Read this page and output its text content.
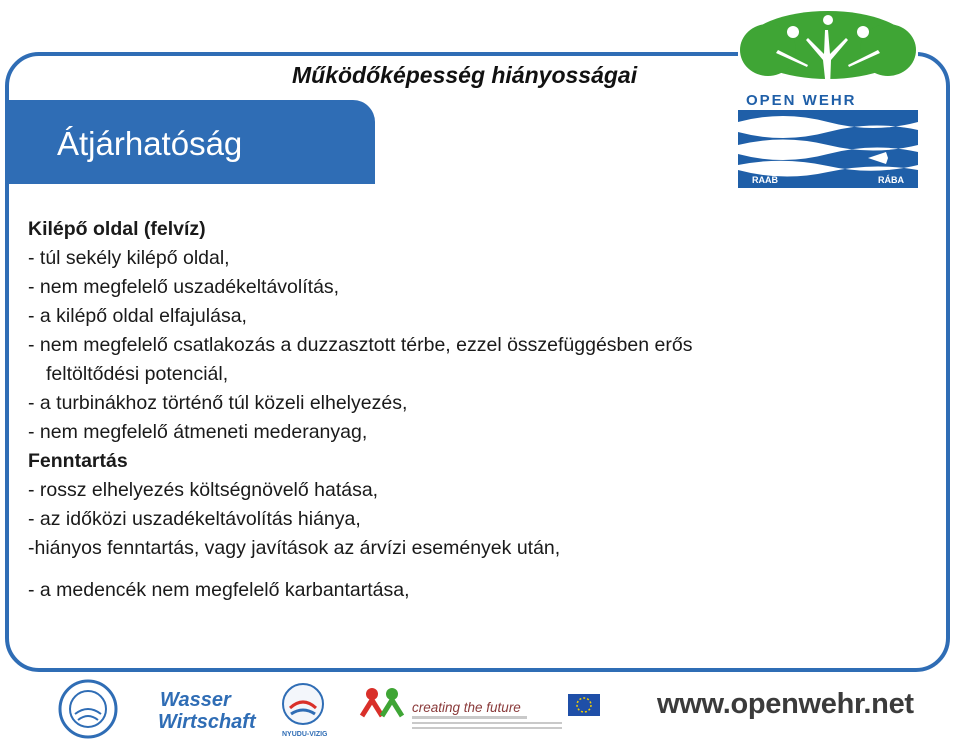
Működőképesség hiányosságai
Átjárhatóság
OPEN WEHR
RAAB	RÁBA
Kilépő oldal (felvíz)
- túl sekély kilépő oldal,
- nem megfelelő uszadékeltávolítás,
- a kilépő oldal elfajulása,
- nem megfelelő csatlakozás a duzzasztott térbe, ezzel összefüggésben erős
feltöltődési potenciál,
- a turbinákhoz történő túl közeli elhelyezés,
- nem megfelelő átmeneti mederanyag,
Fenntartás
- rossz elhelyezés költségnövelő hatása,
- az időközi uszadékeltávolítás hiánya,
-hiányos fenntartás, vagy javítások az árvízi események után,
- a medencék nem megfelelő karbantartása,
Wasser
Wirtschaft
NYUDU-VIZIG
creating the future	www.openwehr.net
